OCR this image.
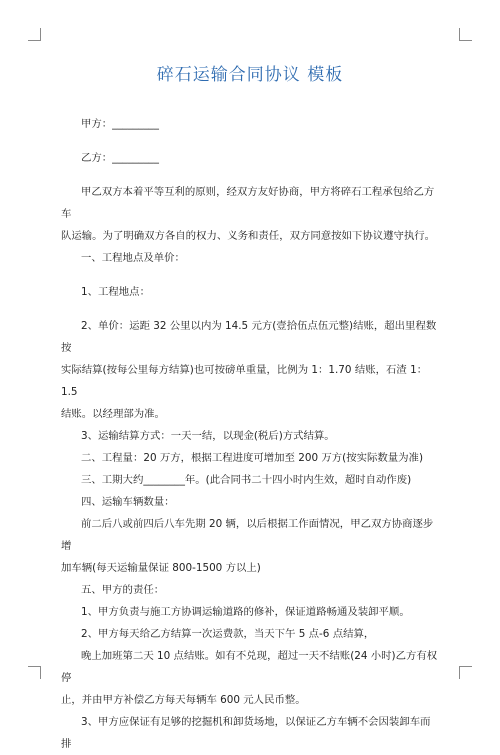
碎石运输合同协议 模板

甲方：_________

乙方：_________

甲乙双方本着平等互利的原则，经双方友好协商，甲方将碎石工程承包给乙方车

队运输。为了明确双方各自的权力、义务和责任，双方同意按如下协议遵守执行。

一、工程地点及单价：

1、工程地点：

2、单价：运距 32 公里以内为 14.5 元方(壹拾伍点伍元整)结账，超出里程数按

实际结算(按每公里每方结算)也可按磅单重量，比例为 1：1.70 结账，石渣 1：1.5

结账。以经理部为准。

3、运输结算方式：一天一结，以现金(税后)方式结算。

二、工程量：20 万方，根据工程进度可增加至 200 万方(按实际数量为准)

三、工期大约________年。(此合同书二十四小时内生效，超时自动作废)

四、运输车辆数量：

前二后八或前四后八车先期 20 辆，以后根据工作面情况，甲乙双方协商逐步增

加车辆(每天运输量保证 800-1500 方以上)

五、甲方的责任：

1、甲方负责与施工方协调运输道路的修补，保证道路畅通及装卸平顺。

2、甲方每天给乙方结算一次运费款，当天下午 5 点-6 点结算，

晚上加班第二天 10 点结账。如有不兑现，超过一天不结账(24 小时)乙方有权停

止，并由甲方补偿乙方每天每辆车 600 元人民币整。

3、甲方应保证有足够的挖掘机和卸货场地，以保证乙方车辆不会因装卸车而排
